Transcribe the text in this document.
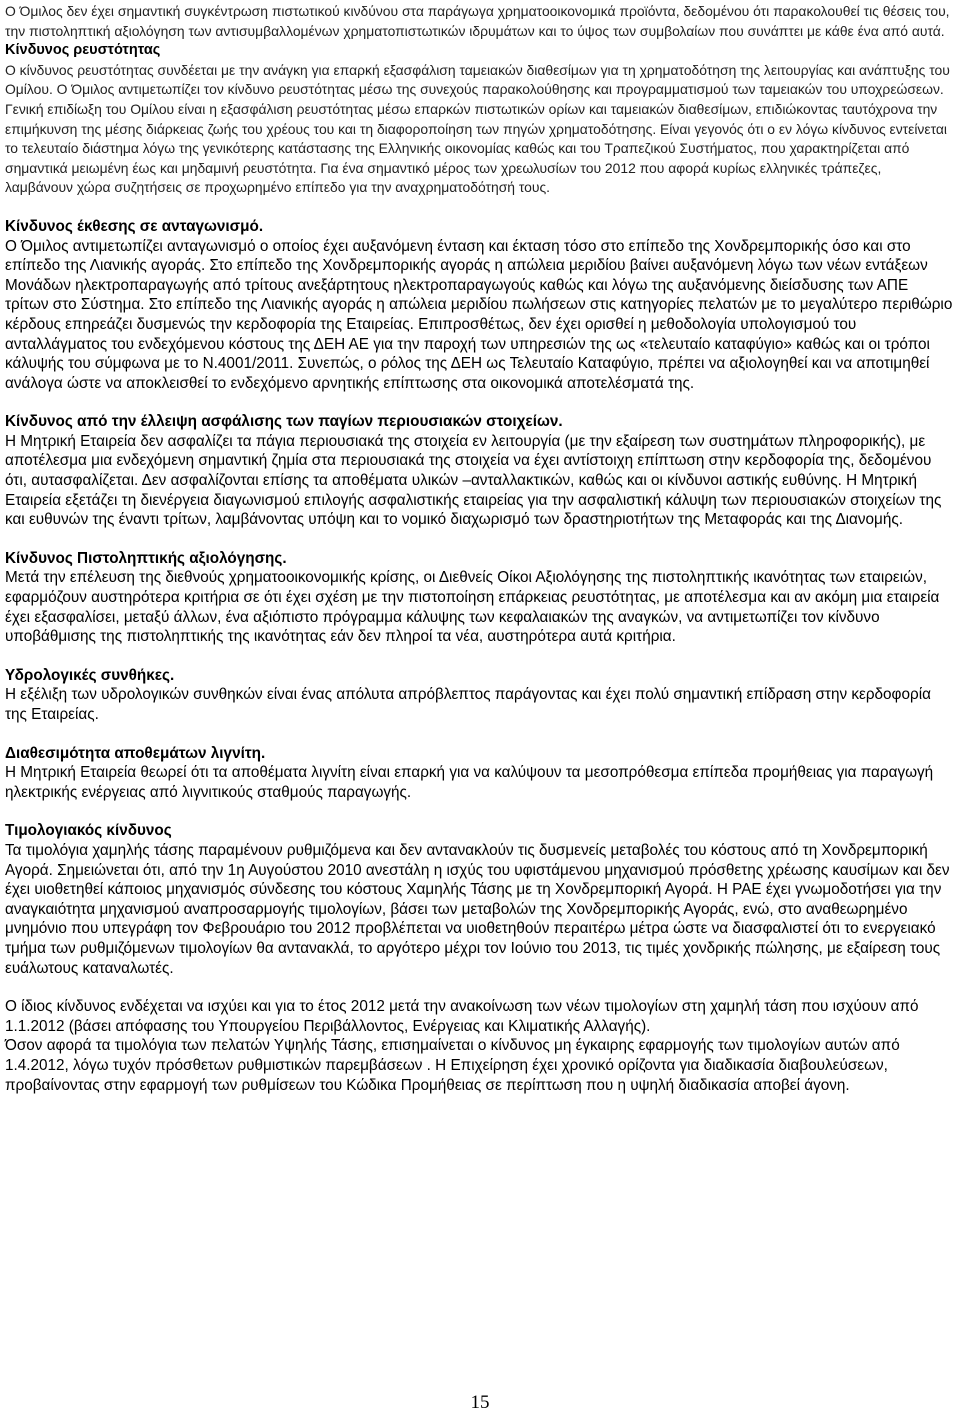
Ο Όμιλος δεν έχει σημαντική συγκέντρωση πιστωτικού κινδύνου στα παράγωγα χρηματοοικονομικά προϊόντα, δεδομένου ότι παρακολουθεί τις θέσεις του, την πιστοληπτική αξιολόγηση των αντισυμβαλλομένων χρηματοπιστωτικών ιδρυμάτων και το ύψος των συμβολαίων που συνάπτει με κάθε ένα από αυτά.

Κίνδυνος ρευστότητας

Ο κίνδυνος ρευστότητας συνδέεται με την ανάγκη για επαρκή εξασφάλιση ταμειακών διαθεσίμων για τη χρηματοδότηση της λειτουργίας και ανάπτυξης του Ομίλου. Ο Όμιλος αντιμετωπίζει τον κίνδυνο ρευστότητας μέσω της συνεχούς παρακολούθησης και προγραμματισμού των ταμειακών του υποχρεώσεων. Γενική επιδίωξη του Ομίλου είναι η εξασφάλιση ρευστότητας μέσω επαρκών πιστωτικών ορίων και ταμειακών διαθεσίμων, επιδιώκοντας ταυτόχρονα την επιμήκυνση της μέσης διάρκειας ζωής του χρέους του και τη διαφοροποίηση των πηγών χρηματοδότησης. Είναι γεγονός ότι ο εν λόγω κίνδυνος εντείνεται το τελευταίο διάστημα λόγω της γενικότερης κατάστασης της Ελληνικής οικονομίας καθώς και του Τραπεζικού Συστήματος, που χαρακτηρίζεται από σημαντικά μειωμένη έως και μηδαμινή ρευστότητα. Για ένα σημαντικό μέρος των χρεωλυσίων του 2012 που αφορά κυρίως ελληνικές τράπεζες, λαμβάνουν χώρα συζητήσεις σε προχωρημένο επίπεδο για την αναχρηματοδότησή τους.

Κίνδυνος έκθεσης σε ανταγωνισμό.

Ο Όμιλος αντιμετωπίζει ανταγωνισμό ο οποίος έχει αυξανόμενη ένταση και έκταση τόσο στο επίπεδο της Χονδρεμπορικής όσο και στο επίπεδο της Λιανικής αγοράς. Στο επίπεδο της Χονδρεμπορικής αγοράς η απώλεια μεριδίου βαίνει αυξανόμενη λόγω των νέων εντάξεων Μονάδων ηλεκτροπαραγωγής από τρίτους ανεξάρτητους ηλεκτροπαραγωγούς καθώς και λόγω της αυξανόμενης διείσδυσης των ΑΠΕ τρίτων στο Σύστημα. Στο επίπεδο της Λιανικής αγοράς η απώλεια μεριδίου πωλήσεων στις κατηγορίες πελατών με το μεγαλύτερο περιθώριο κέρδους επηρεάζει δυσμενώς την κερδοφορία της Εταιρείας. Επιπροσθέτως, δεν έχει ορισθεί η μεθοδολογία υπολογισμού του ανταλλάγματος του ενδεχόμενου κόστους της ΔΕΗ ΑΕ για την παροχή των υπηρεσιών της ως «τελευταίο καταφύγιο» καθώς και οι τρόποι κάλυψής του σύμφωνα με το Ν.4001/2011. Συνεπώς, ο ρόλος της ΔΕΗ ως Τελευταίο Καταφύγιο, πρέπει να αξιολογηθεί και να αποτιμηθεί ανάλογα ώστε να αποκλεισθεί το ενδεχόμενο αρνητικής επίπτωσης στα οικονομικά αποτελέσματά της.

Κίνδυνος από την έλλειψη ασφάλισης των παγίων περιουσιακών στοιχείων.

Η Μητρική Εταιρεία δεν ασφαλίζει τα πάγια περιουσιακά της στοιχεία εν λειτουργία (με την εξαίρεση των συστημάτων πληροφορικής), με αποτέλεσμα μια ενδεχόμενη σημαντική ζημία στα περιουσιακά της στοιχεία να έχει αντίστοιχη επίπτωση στην κερδοφορία της, δεδομένου ότι, αυτασφαλίζεται. Δεν ασφαλίζονται επίσης τα αποθέματα υλικών –ανταλλακτικών, καθώς και οι κίνδυνοι αστικής ευθύνης. Η Μητρική Εταιρεία εξετάζει τη διενέργεια διαγωνισμού επιλογής ασφαλιστικής εταιρείας για την ασφαλιστική κάλυψη των περιουσιακών στοιχείων της και ευθυνών της έναντι τρίτων, λαμβάνοντας υπόψη και το νομικό διαχωρισμό των δραστηριοτήτων της Μεταφοράς και της Διανομής.

Κίνδυνος Πιστοληπτικής αξιολόγησης.

Μετά την επέλευση της διεθνούς χρηματοοικονομικής κρίσης, οι Διεθνείς Οίκοι Αξιολόγησης της πιστοληπτικής ικανότητας των εταιρειών, εφαρμόζουν αυστηρότερα κριτήρια σε ότι έχει σχέση με την πιστοποίηση επάρκειας ρευστότητας, με αποτέλεσμα και αν ακόμη μια εταιρεία έχει εξασφαλίσει, μεταξύ άλλων, ένα αξιόπιστο πρόγραμμα κάλυψης των κεφαλαιακών της αναγκών, να αντιμετωπίζει τον κίνδυνο υποβάθμισης της πιστοληπτικής της ικανότητας εάν δεν πληροί τα νέα, αυστηρότερα αυτά κριτήρια.

Υδρολογικές συνθήκες.

Η εξέλιξη των υδρολογικών συνθηκών είναι ένας απόλυτα απρόβλεπτος παράγοντας και έχει πολύ σημαντική επίδραση στην κερδοφορία της Εταιρείας.

Διαθεσιμότητα αποθεμάτων λιγνίτη.

Η Μητρική Εταιρεία θεωρεί ότι τα αποθέματα λιγνίτη είναι επαρκή για να καλύψουν τα μεσοπρόθεσμα επίπεδα προμήθειας για παραγωγή ηλεκτρικής ενέργειας από λιγνιτικούς σταθμούς παραγωγής.

Τιμολογιακός κίνδυνος

Τα τιμολόγια χαμηλής τάσης παραμένουν ρυθμιζόμενα και δεν αντανακλούν τις δυσμενείς μεταβολές του κόστους από τη Χονδρεμπορική Αγορά. Σημειώνεται ότι, από την 1η Αυγούστου 2010 ανεστάλη η ισχύς του υφιστάμενου μηχανισμού πρόσθετης χρέωσης καυσίμων και δεν έχει υιοθετηθεί κάποιος μηχανισμός σύνδεσης του κόστους Χαμηλής Τάσης με τη Χονδρεμπορική Αγορά. Η ΡΑΕ έχει γνωμοδοτήσει για την αναγκαιότητα μηχανισμού αναπροσαρμογής τιμολογίων, βάσει των μεταβολών της Χονδρεμπορικής Αγοράς, ενώ, στο αναθεωρημένο μνημόνιο που υπεγράφη τον Φεβρουάριο του 2012 προβλέπεται να υιοθετηθούν περαιτέρω μέτρα ώστε να διασφαλιστεί ότι το ενεργειακό τμήμα των ρυθμιζόμενων τιμολογίων θα αντανακλά, το αργότερο μέχρι τον Ιούνιο του 2013, τις τιμές χονδρικής πώλησης, με εξαίρεση τους ευάλωτους καταναλωτές.

Ο ίδιος κίνδυνος ενδέχεται να ισχύει και για το έτος 2012 μετά την ανακοίνωση των νέων τιμολογίων στη χαμηλή τάση που ισχύουν από 1.1.2012 (βάσει απόφασης του Υπουργείου Περιβάλλοντος, Ενέργειας και Κλιματικής Αλλαγής).

Όσον αφορά τα τιμολόγια των πελατών Υψηλής Τάσης, επισημαίνεται ο κίνδυνος μη έγκαιρης εφαρμογής των τιμολογίων αυτών από 1.4.2012, λόγω τυχόν πρόσθετων ρυθμιστικών παρεμβάσεων . Η Επιχείρηση έχει χρονικό ορίζοντα για διαδικασία διαβουλεύσεων, προβαίνοντας στην εφαρμογή των ρυθμίσεων του Κώδικα Προμήθειας σε περίπτωση που η υψηλή διαδικασία αποβεί άγονη.

15
